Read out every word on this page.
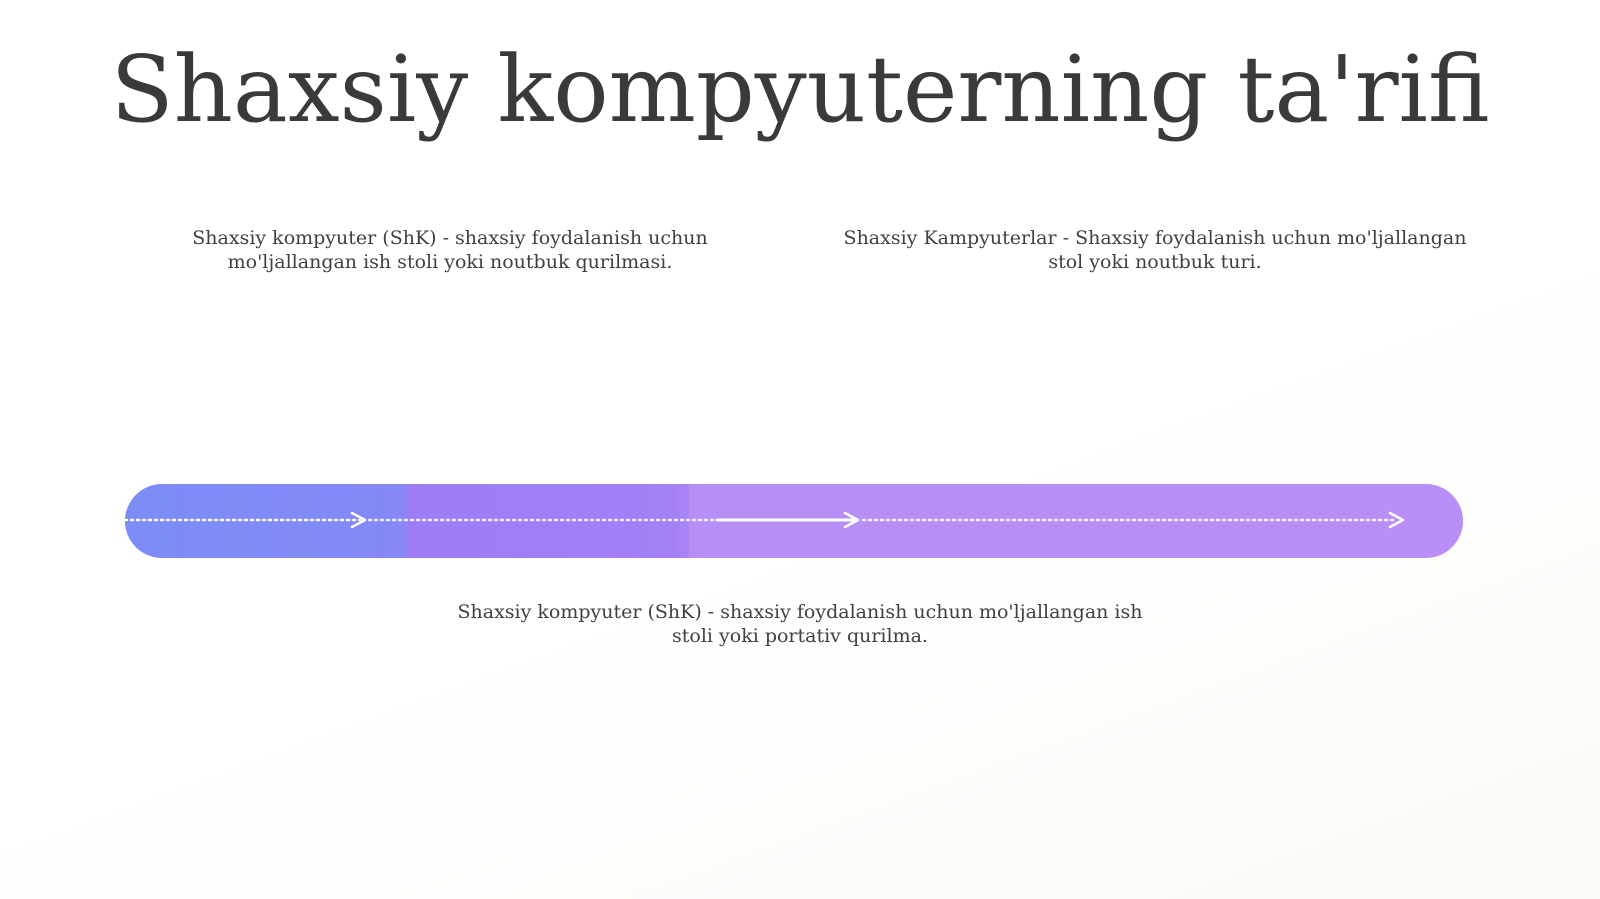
Shaxsiy kompyuterning ta'rifi

Shaxsiy kompyuter (ShK) - shaxsiy foydalanish uchun mo'ljallangan ish stoli yoki noutbuk qurilmasi.

Shaxsiy Kampyuterlar - Shaxsiy foydalanish uchun mo'ljallangan stol yoki noutbuk turi.

Shaxsiy kompyuter (ShK) - shaxsiy foydalanish uchun mo'ljallangan ish stoli yoki portativ qurilma.
